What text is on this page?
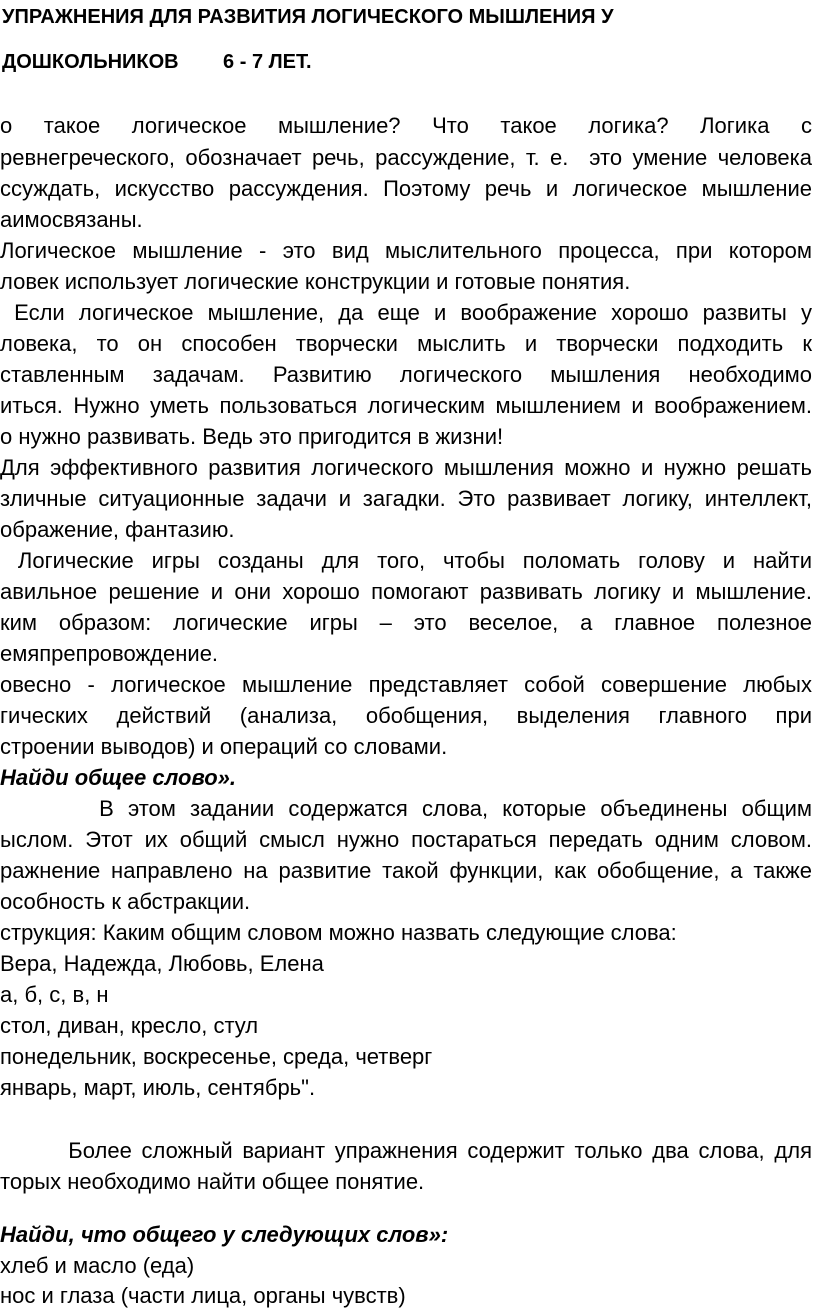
УПРАЖНЕНИЯ ДЛЯ РАЗВИТИЯ ЛОГИЧЕСКОГО МЫШЛЕНИЯ У
ДОШКОЛЬНИКОВ        6 - 7 ЛЕТ.
о такое логическое мышление? Что такое логика? Логика с
ревнегреческого, обозначает речь, рассуждение, т. е.  это умение человека
ссуждать, искусство рассуждения. Поэтому речь и логическое мышление
аимосвязаны.
Логическое мышление - это вид мыслительного процесса, при котором
ловек использует логические конструкции и готовые понятия.
Если логическое мышление, да еще и воображение хорошо развиты у
ловека, то он способен творчески мыслить и творчески подходить к
ставленным задачам. Развитию логического мышления необходимо
иться. Нужно уметь пользоваться логическим мышлением и воображением.
о нужно развивать. Ведь это пригодится в жизни!
Для эффективного развития логического мышления можно и нужно решать
зличные ситуационные задачи и загадки. Это развивает логику, интеллект,
ображение, фантазию.
Логические игры созданы для того, чтобы поломать голову и найти
авильное решение и они хорошо помогают развивать логику и мышление.
ким образом: логические игры – это веселое, а главное полезное
емяпрепровождение.
овесно - логическое мышление представляет собой совершение любых
гических действий (анализа, обобщения, выделения главного при
строении выводов) и операций со словами.
Найди общее слово».
В этом задании содержатся слова, которые объединены общим
ыслом. Этот их общий смысл нужно постараться передать одним словом.
ражнение направлено на развитие такой функции, как обобщение, а также
особность к абстракции.
струкция: Каким общим словом можно назвать следующие слова:
Вера, Надежда, Любовь, Елена
а, б, с, в, н
стол, диван, кресло, стул
понедельник, воскресенье, среда, четверг
январь, март, июль, сентябрь".
Более сложный вариант упражнения содержит только два слова, для
торых необходимо найти общее понятие.
Найди, что общего у следующих слов»:
хлеб и масло (еда)
нос и глаза (части лица, органы чувств)
